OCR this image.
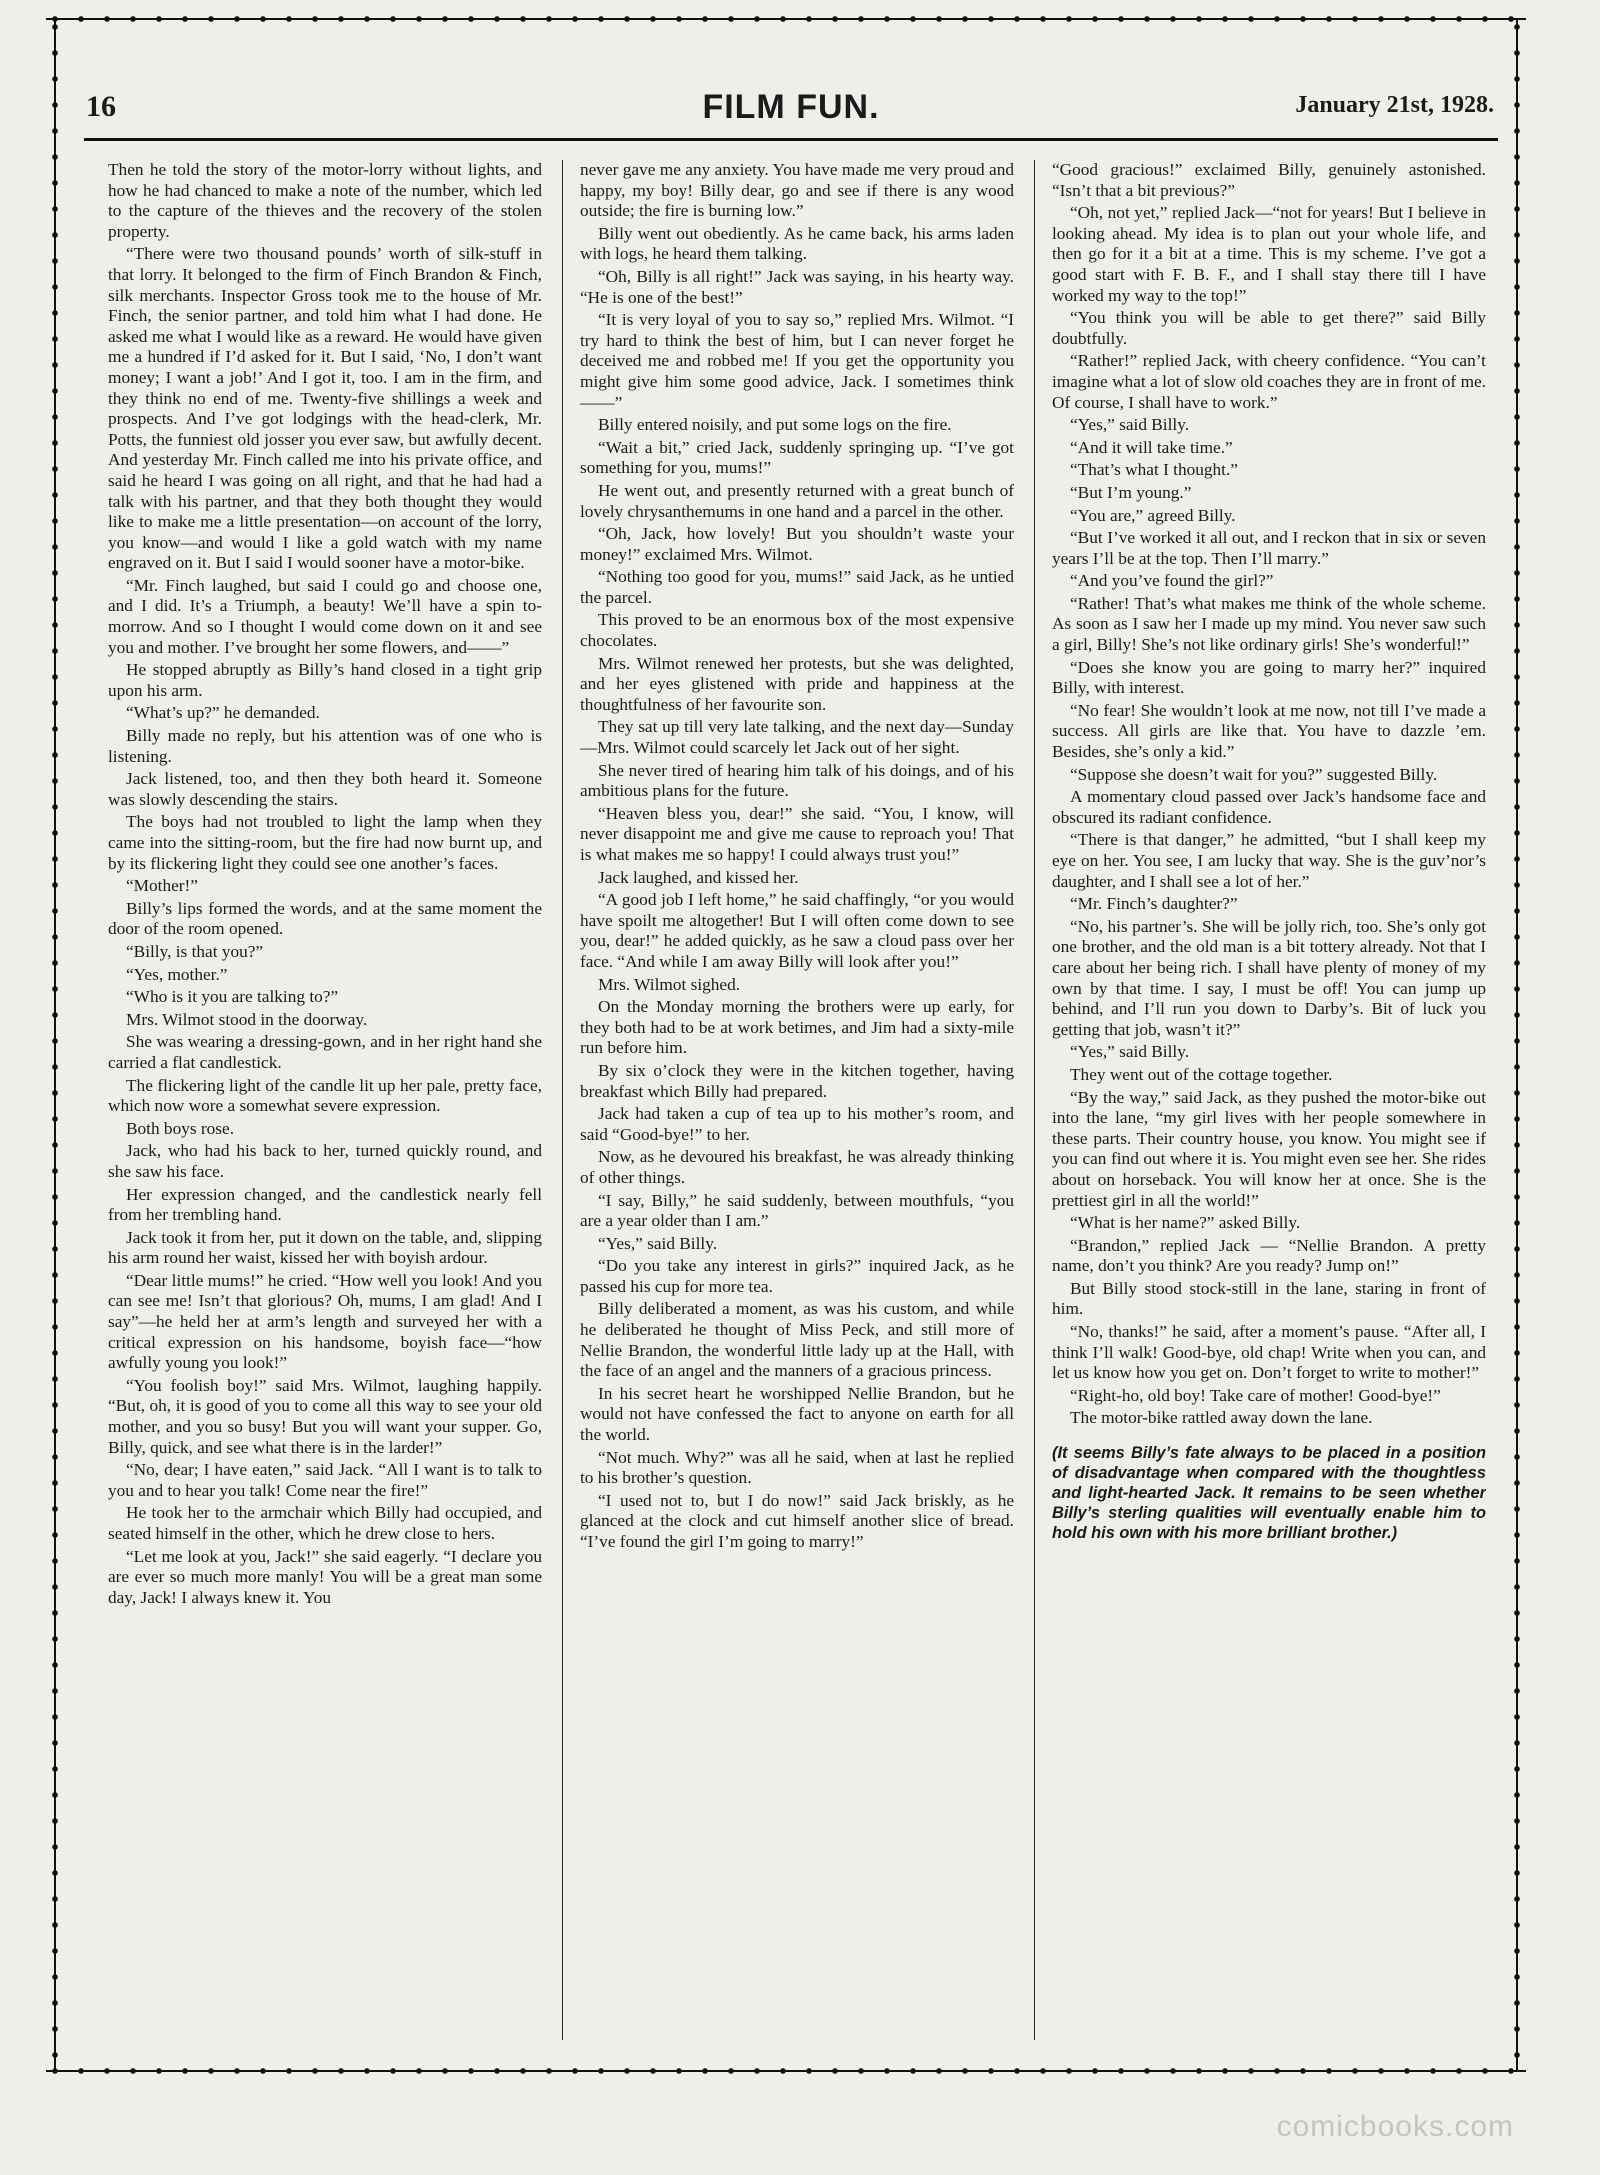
16	FILM FUN.	January 21st, 1928.

Then he told the story of the motor-lorry without lights, and how he had chanced to make a note of the number, which led to the capture of the thieves and the recovery of the stolen property.

“There were two thousand pounds’ worth of silk-stuff in that lorry. It belonged to the firm of Finch Brandon & Finch, silk merchants. Inspector Gross took me to the house of Mr. Finch, the senior partner, and told him what I had done. He asked me what I would like as a reward. He would have given me a hundred if I’d asked for it. But I said, ‘No, I don’t want money; I want a job!’ And I got it, too. I am in the firm, and they think no end of me. Twenty-five shillings a week and prospects. And I’ve got lodgings with the head-clerk, Mr. Potts, the funniest old josser you ever saw, but awfully decent. And yesterday Mr. Finch called me into his private office, and said he heard I was going on all right, and that he had had a talk with his partner, and that they both thought they would like to make me a little presentation—on account of the lorry, you know—and would I like a gold watch with my name engraved on it. But I said I would sooner have a motor-bike.

“Mr. Finch laughed, but said I could go and choose one, and I did. It’s a Triumph, a beauty! We’ll have a spin to-morrow. And so I thought I would come down on it and see you and mother. I’ve brought her some flowers, and——”

He stopped abruptly as Billy’s hand closed in a tight grip upon his arm.

“What’s up?” he demanded.

Billy made no reply, but his attention was of one who is listening.

Jack listened, too, and then they both heard it. Someone was slowly descending the stairs.

The boys had not troubled to light the lamp when they came into the sitting-room, but the fire had now burnt up, and by its flickering light they could see one another’s faces.

“Mother!”

Billy’s lips formed the words, and at the same moment the door of the room opened.

“Billy, is that you?”

“Yes, mother.”

“Who is it you are talking to?”

Mrs. Wilmot stood in the doorway.

She was wearing a dressing-gown, and in her right hand she carried a flat candlestick.

The flickering light of the candle lit up her pale, pretty face, which now wore a somewhat severe expression.

Both boys rose.

Jack, who had his back to her, turned quickly round, and she saw his face.

Her expression changed, and the candlestick nearly fell from her trembling hand.

Jack took it from her, put it down on the table, and, slipping his arm round her waist, kissed her with boyish ardour.

“Dear little mums!” he cried. “How well you look! And you can see me! Isn’t that glorious? Oh, mums, I am glad! And I say”—he held her at arm’s length and surveyed her with a critical expression on his handsome, boyish face—“how awfully young you look!”

“You foolish boy!” said Mrs. Wilmot, laughing happily. “But, oh, it is good of you to come all this way to see your old mother, and you so busy! But you will want your supper. Go, Billy, quick, and see what there is in the larder!”

“No, dear; I have eaten,” said Jack. “All I want is to talk to you and to hear you talk! Come near the fire!”

He took her to the armchair which Billy had occupied, and seated himself in the other, which he drew close to hers.

“Let me look at you, Jack!” she said eagerly. “I declare you are ever so much more manly! You will be a great man some day, Jack! I always knew it. You

never gave me any anxiety. You have made me very proud and happy, my boy! Billy dear, go and see if there is any wood outside; the fire is burning low.”

Billy went out obediently. As he came back, his arms laden with logs, he heard them talking.

“Oh, Billy is all right!” Jack was saying, in his hearty way. “He is one of the best!”

“It is very loyal of you to say so,” replied Mrs. Wilmot. “I try hard to think the best of him, but I can never forget he deceived me and robbed me! If you get the opportunity you might give him some good advice, Jack. I sometimes think——”

Billy entered noisily, and put some logs on the fire.

“Wait a bit,” cried Jack, suddenly springing up. “I’ve got something for you, mums!”

He went out, and presently returned with a great bunch of lovely chrysanthemums in one hand and a parcel in the other.

“Oh, Jack, how lovely! But you shouldn’t waste your money!” exclaimed Mrs. Wilmot.

“Nothing too good for you, mums!” said Jack, as he untied the parcel.

This proved to be an enormous box of the most expensive chocolates.

Mrs. Wilmot renewed her protests, but she was delighted, and her eyes glistened with pride and happiness at the thoughtfulness of her favourite son.

They sat up till very late talking, and the next day—Sunday—Mrs. Wilmot could scarcely let Jack out of her sight.

She never tired of hearing him talk of his doings, and of his ambitious plans for the future.

“Heaven bless you, dear!” she said. “You, I know, will never disappoint me and give me cause to reproach you! That is what makes me so happy! I could always trust you!”

Jack laughed, and kissed her.

“A good job I left home,” he said chaffingly, “or you would have spoilt me altogether! But I will often come down to see you, dear!” he added quickly, as he saw a cloud pass over her face. “And while I am away Billy will look after you!”

Mrs. Wilmot sighed.

On the Monday morning the brothers were up early, for they both had to be at work betimes, and Jim had a sixty-mile run before him.

By six o’clock they were in the kitchen together, having breakfast which Billy had prepared.

Jack had taken a cup of tea up to his mother’s room, and said “Good-bye!” to her.

Now, as he devoured his breakfast, he was already thinking of other things.

“I say, Billy,” he said suddenly, between mouthfuls, “you are a year older than I am.”

“Yes,” said Billy.

“Do you take any interest in girls?” inquired Jack, as he passed his cup for more tea.

Billy deliberated a moment, as was his custom, and while he deliberated he thought of Miss Peck, and still more of Nellie Brandon, the wonderful little lady up at the Hall, with the face of an angel and the manners of a gracious princess.

In his secret heart he worshipped Nellie Brandon, but he would not have confessed the fact to anyone on earth for all the world.

“Not much. Why?” was all he said, when at last he replied to his brother’s question.

“I used not to, but I do now!” said Jack briskly, as he glanced at the clock and cut himself another slice of bread. “I’ve found the girl I’m going to marry!”

“Good gracious!” exclaimed Billy, genuinely astonished. “Isn’t that a bit previous?”

“Oh, not yet,” replied Jack—“not for years! But I believe in looking ahead. My idea is to plan out your whole life, and then go for it a bit at a time. This is my scheme. I’ve got a good start with F. B. F., and I shall stay there till I have worked my way to the top!”

“You think you will be able to get there?” said Billy doubtfully.

“Rather!” replied Jack, with cheery confidence. “You can’t imagine what a lot of slow old coaches they are in front of me. Of course, I shall have to work.”

“Yes,” said Billy.

“And it will take time.”

“That’s what I thought.”

“But I’m young.”

“You are,” agreed Billy.

“But I’ve worked it all out, and I reckon that in six or seven years I’ll be at the top. Then I’ll marry.”

“And you’ve found the girl?”

“Rather! That’s what makes me think of the whole scheme. As soon as I saw her I made up my mind. You never saw such a girl, Billy! She’s not like ordinary girls! She’s wonderful!”

“Does she know you are going to marry her?” inquired Billy, with interest.

“No fear! She wouldn’t look at me now, not till I’ve made a success. All girls are like that. You have to dazzle ’em. Besides, she’s only a kid.”

“Suppose she doesn’t wait for you?” suggested Billy.

A momentary cloud passed over Jack’s handsome face and obscured its radiant confidence.

“There is that danger,” he admitted, “but I shall keep my eye on her. You see, I am lucky that way. She is the guv’nor’s daughter, and I shall see a lot of her.”

“Mr. Finch’s daughter?”

“No, his partner’s. She will be jolly rich, too. She’s only got one brother, and the old man is a bit tottery already. Not that I care about her being rich. I shall have plenty of money of my own by that time. I say, I must be off! You can jump up behind, and I’ll run you down to Darby’s. Bit of luck you getting that job, wasn’t it?”

“Yes,” said Billy.

They went out of the cottage together.

“By the way,” said Jack, as they pushed the motor-bike out into the lane, “my girl lives with her people somewhere in these parts. Their country house, you know. You might see if you can find out where it is. You might even see her. She rides about on horseback. You will know her at once. She is the prettiest girl in all the world!”

“What is her name?” asked Billy.

“Brandon,” replied Jack — “Nellie Brandon. A pretty name, don’t you think? Are you ready? Jump on!”

But Billy stood stock-still in the lane, staring in front of him.

“No, thanks!” he said, after a moment’s pause. “After all, I think I’ll walk! Good-bye, old chap! Write when you can, and let us know how you get on. Don’t forget to write to mother!”

“Right-ho, old boy! Take care of mother! Good-bye!”

The motor-bike rattled away down the lane.

(It seems Billy’s fate always to be placed in a position of disadvantage when compared with the thoughtless and light-hearted Jack. It remains to be seen whether Billy’s sterling qualities will eventually enable him to hold his own with his more brilliant brother.)

comicbooks.com
